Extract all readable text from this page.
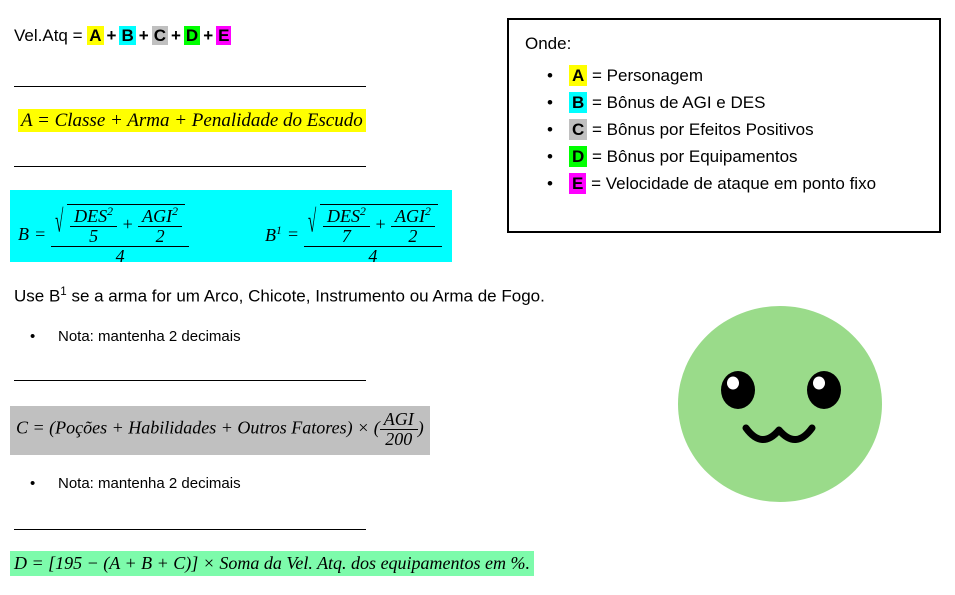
Vel.Atq = A + B + C + D + E
A = Classe + Arma + Penalidade do Escudo
B = √ $\frac{DES^2}{5} + \frac{AGI^2}{2}$
4
$B^1$ = √ $\frac{DES^2}{7} + \frac{AGI^2}{2}$
4
Use $B^1$ se a arma for um Arco, Chicote, Instrumento ou Arma de Fogo.
• Nota: mantenha 2 decimais
C = (Poções + Habilidades + Outros Fatores) × ( $\frac{\text{AGI}}{200}$ )
• Nota: mantenha 2 decimais
D = [195 − (A + B + C)] × Soma da Vel. Atq. dos equipamentos em %.
Onde:
• A = Personagem
• B = Bônus de AGI e DES
• C = Bônus por Efeitos Positivos
• D = Bônus por Equipamentos
• E = Velocidade de ataque em ponto fixo
